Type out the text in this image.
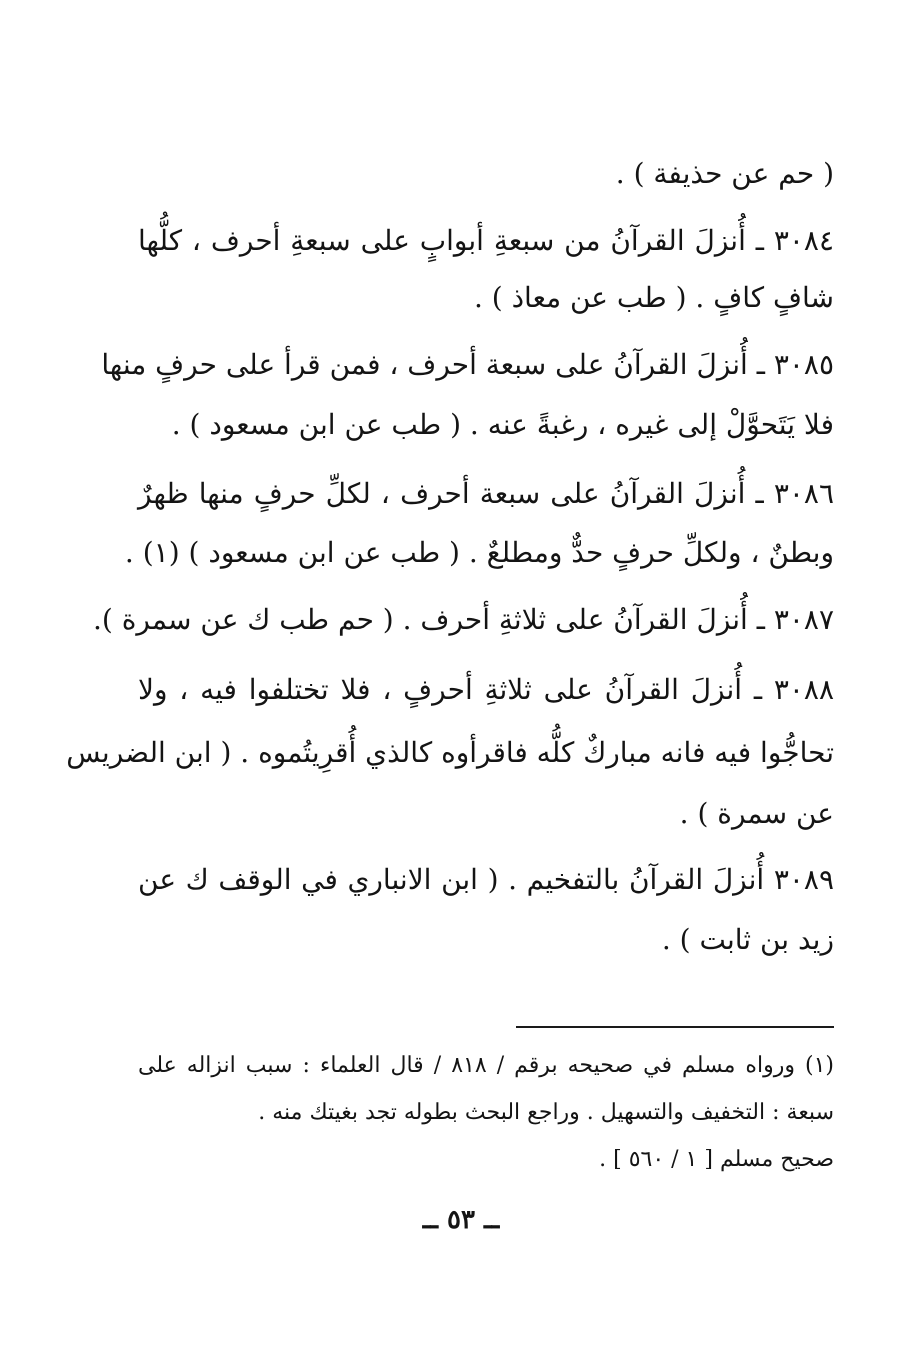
( حم عن حذيفة ) .
٣٠٨٤ ـ أُنزلَ القرآنُ من سبعةِ أبوابٍ على سبعةِ أحرف ، كلُّها
شافٍ كافٍ . ( طب عن معاذ ) .
٣٠٨٥ ـ أُنزلَ القرآنُ على سبعة أحرف ، فمن قرأ على حرفٍ منها
فلا يَتَحوَّلْ إلى غيره ، رغبةً عنه . ( طب عن ابن مسعود ) .
٣٠٨٦ ـ أُنزلَ القرآنُ على سبعة أحرف ، لكلِّ حرفٍ منها ظهرٌ
وبطنٌ ، ولكلِّ حرفٍ حدٌّ ومطلعٌ . ( طب عن ابن مسعود ) (١) .
٣٠٨٧ ـ أُنزلَ القرآنُ على ثلاثةِ أحرف . ( حم طب ك عن سمرة ).
٣٠٨٨ ـ أُنزلَ القرآنُ على ثلاثةِ أحرفٍ ، فلا تختلفوا فيه ، ولا
تحاجُّوا فيه فانه مباركٌ كلُّه فاقرأوه كالذي أُقرِيتُموه . ( ابن الضريس
عن سمرة ) .
٣٠٨٩ أُنزلَ القرآنُ بالتفخيم . ( ابن الانباري في الوقف ك عن
زيد بن ثابت ) .
(١) ورواه مسلم في صحيحه برقم / ٨١٨ / قال العلماء : سبب انزاله على
سبعة : التخفيف والتسهيل . وراجع البحث بطوله تجد بغيتك منه .
صحيح مسلم [ ١ / ٥٦٠ ] .
ــ ٥٣ ــ
